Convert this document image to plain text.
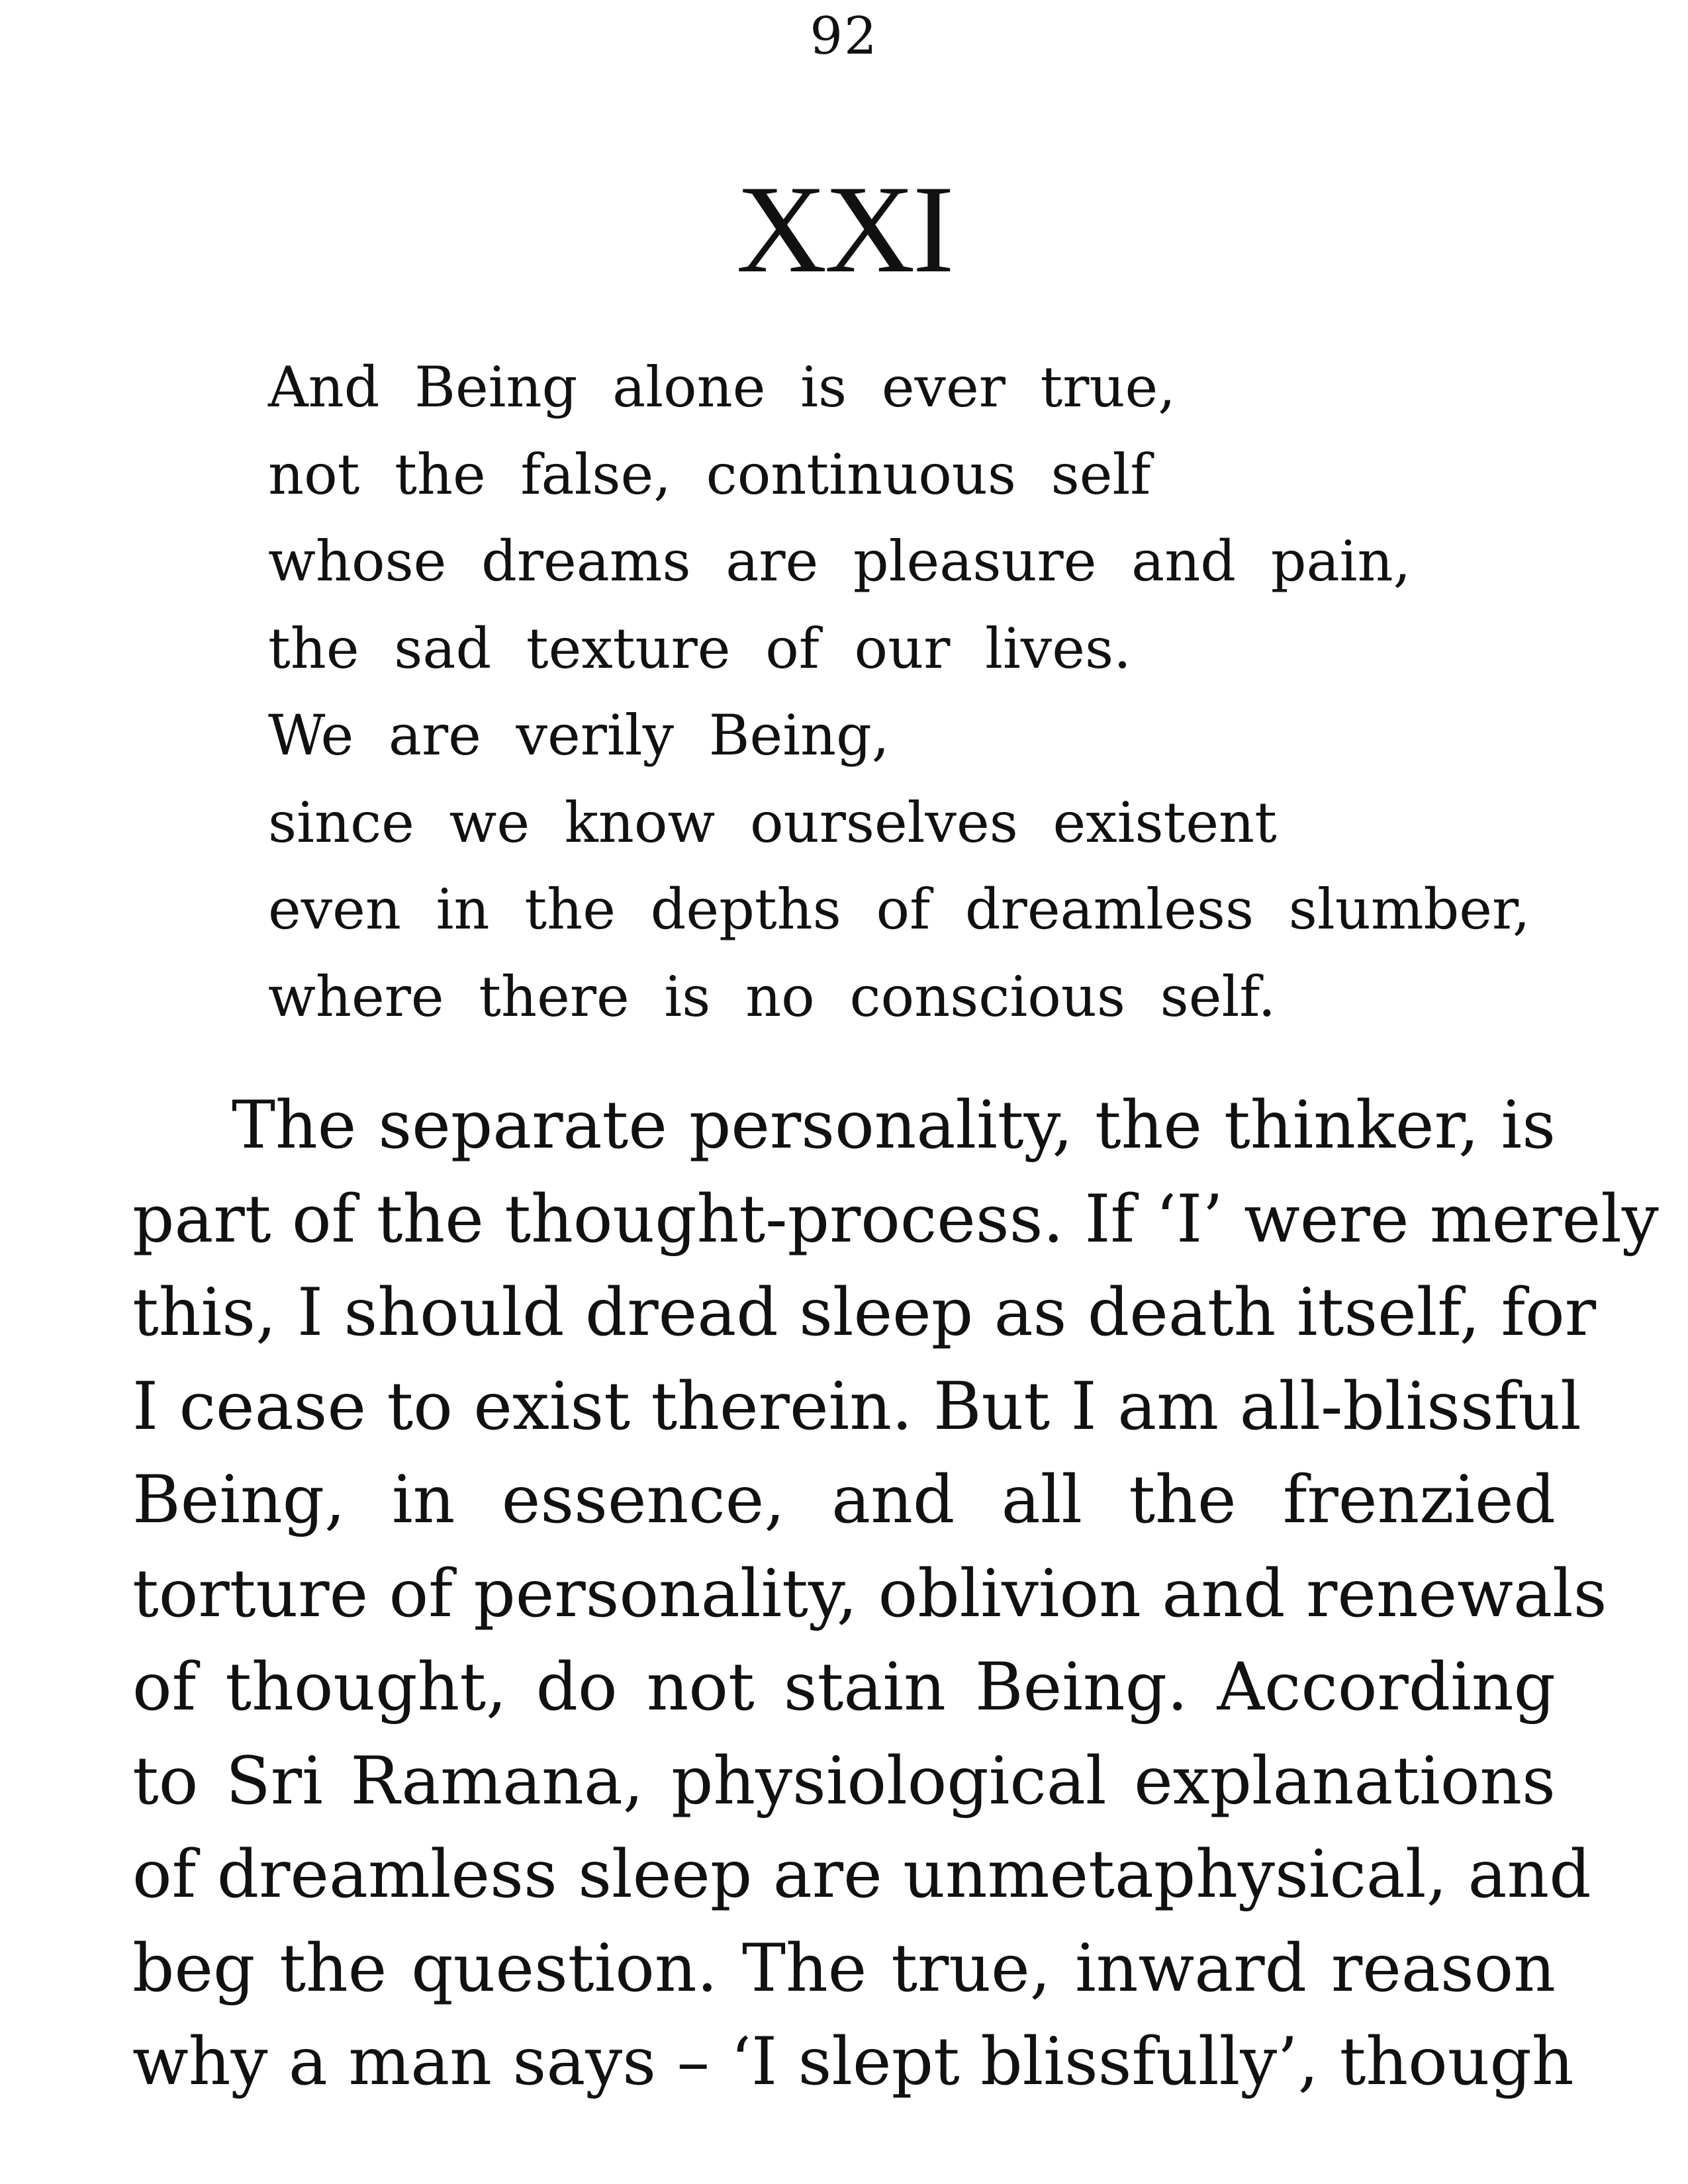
92
XXI
And Being alone is ever true,
not the false, continuous self
whose dreams are pleasure and pain,
the sad texture of our lives.
We are verily Being,
since we know ourselves existent
even in the depths of dreamless slumber,
where there is no conscious self.
The separate personality, the thinker, is
part of the thought-process. If ‘I’ were merely
this, I should dread sleep as death itself, for
I cease to exist therein. But I am all-blissful
Being, in essence, and all the frenzied
torture of personality, oblivion and renewals
of thought, do not stain Being. According
to Sri Ramana, physiological explanations
of dreamless sleep are unmetaphysical, and
beg the question. The true, inward reason
why a man says – ‘I slept blissfully’, though
